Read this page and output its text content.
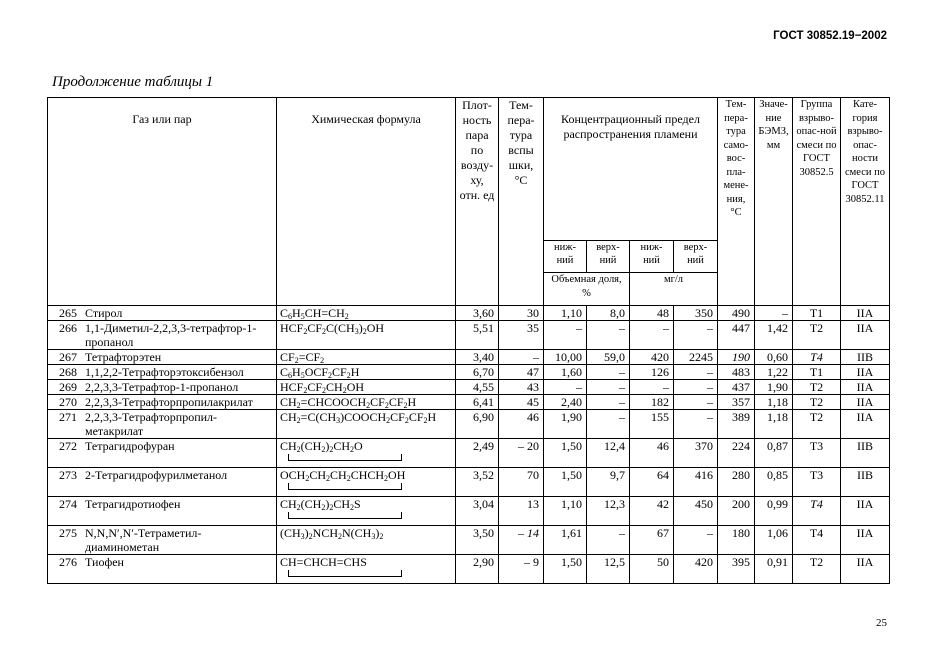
ГОСТ 30852.19−2002
Продолжение таблицы 1
Газ или пар	Химическая формула	Плот-ность пара по возду-ху, отн. ед	Тем-пера-тура вспы шки, °С	Концентрационный предел распространения пламени				Тем-пера-тура само-вос-пла-мене-ния, °С	Значе-ние БЭМЗ, мм	Группа взрыво-опас-ной смеси по ГОСТ 30852.5	Кате-гория взрыво-опас-ности смеси по ГОСТ 30852.11
				ниж-ний	верх-ний	ниж-ний	верх-ний				
				Объемная доля, %		мг/л					
265 Стирол	$C_6H_5CH=CH_2$	3,60	30	1,10	8,0	48	350	490	–	T1	IIA
266 1,1-Диметил-2,2,3,3-тетрафтор-1-пропанол	$HCF_2CF_2C(CH_3)_2OH$	5,51	35	–	–	–	–	447	1,42	T2	IIA
267 Тетрафторэтен	$CF_2=CF_2$	3,40	–	10,00	59,0	420	2245	190	0,60	T4	IIB
268 1,1,2,2-Тетрафторэтоксибензол	$C_6H_5OCF_2CF_2H$	6,70	47	1,60	–	126	–	483	1,22	T1	IIA
269 2,2,3,3-Тетрафтор-1-пропанол	$HCF_2CF_2CH_2OH$	4,55	43	–	–	–	–	437	1,90	T2	IIA
270 2,2,3,3-Тетрафторпропилакрилат	$CH_2=CHCOOCH_2CF_2CF_2H$	6,41	45	2,40	–	182	–	357	1,18	T2	IIA
271 2,2,3,3-Тетрафторпропил-метакрилат	$CH_2=C(CH_3)COOCH_2CF_2CF_2H$	6,90	46	1,90	–	155	–	389	1,18	T2	IIA
272 Тетрагидрофуран	$CH_2(CH_2)_2CH_2O$	2,49	– 20	1,50	12,4	46	370	224	0,87	T3	IIB
273 2-Тетрагидрофурилметанол	$OCH_2CH_2CH_2CHCH_2OH$	3,52	70	1,50	9,7	64	416	280	0,85	T3	IIB
274 Тетрагидротиофен	$CH_2(CH_2)_2CH_2S$	3,04	13	1,10	12,3	42	450	200	0,99	T4	IIA
275 N,N,N′,N′-Тетраметил-диаминометан	$(CH_3)_2NCH_2N(CH_3)_2$	3,50	– 14	1,61	–	67	–	180	1,06	T4	IIA
276 Тиофен	CH=CHCH=CHS	2,90	– 9	1,50	12,5	50	420	395	0,91	T2	IIA
25
